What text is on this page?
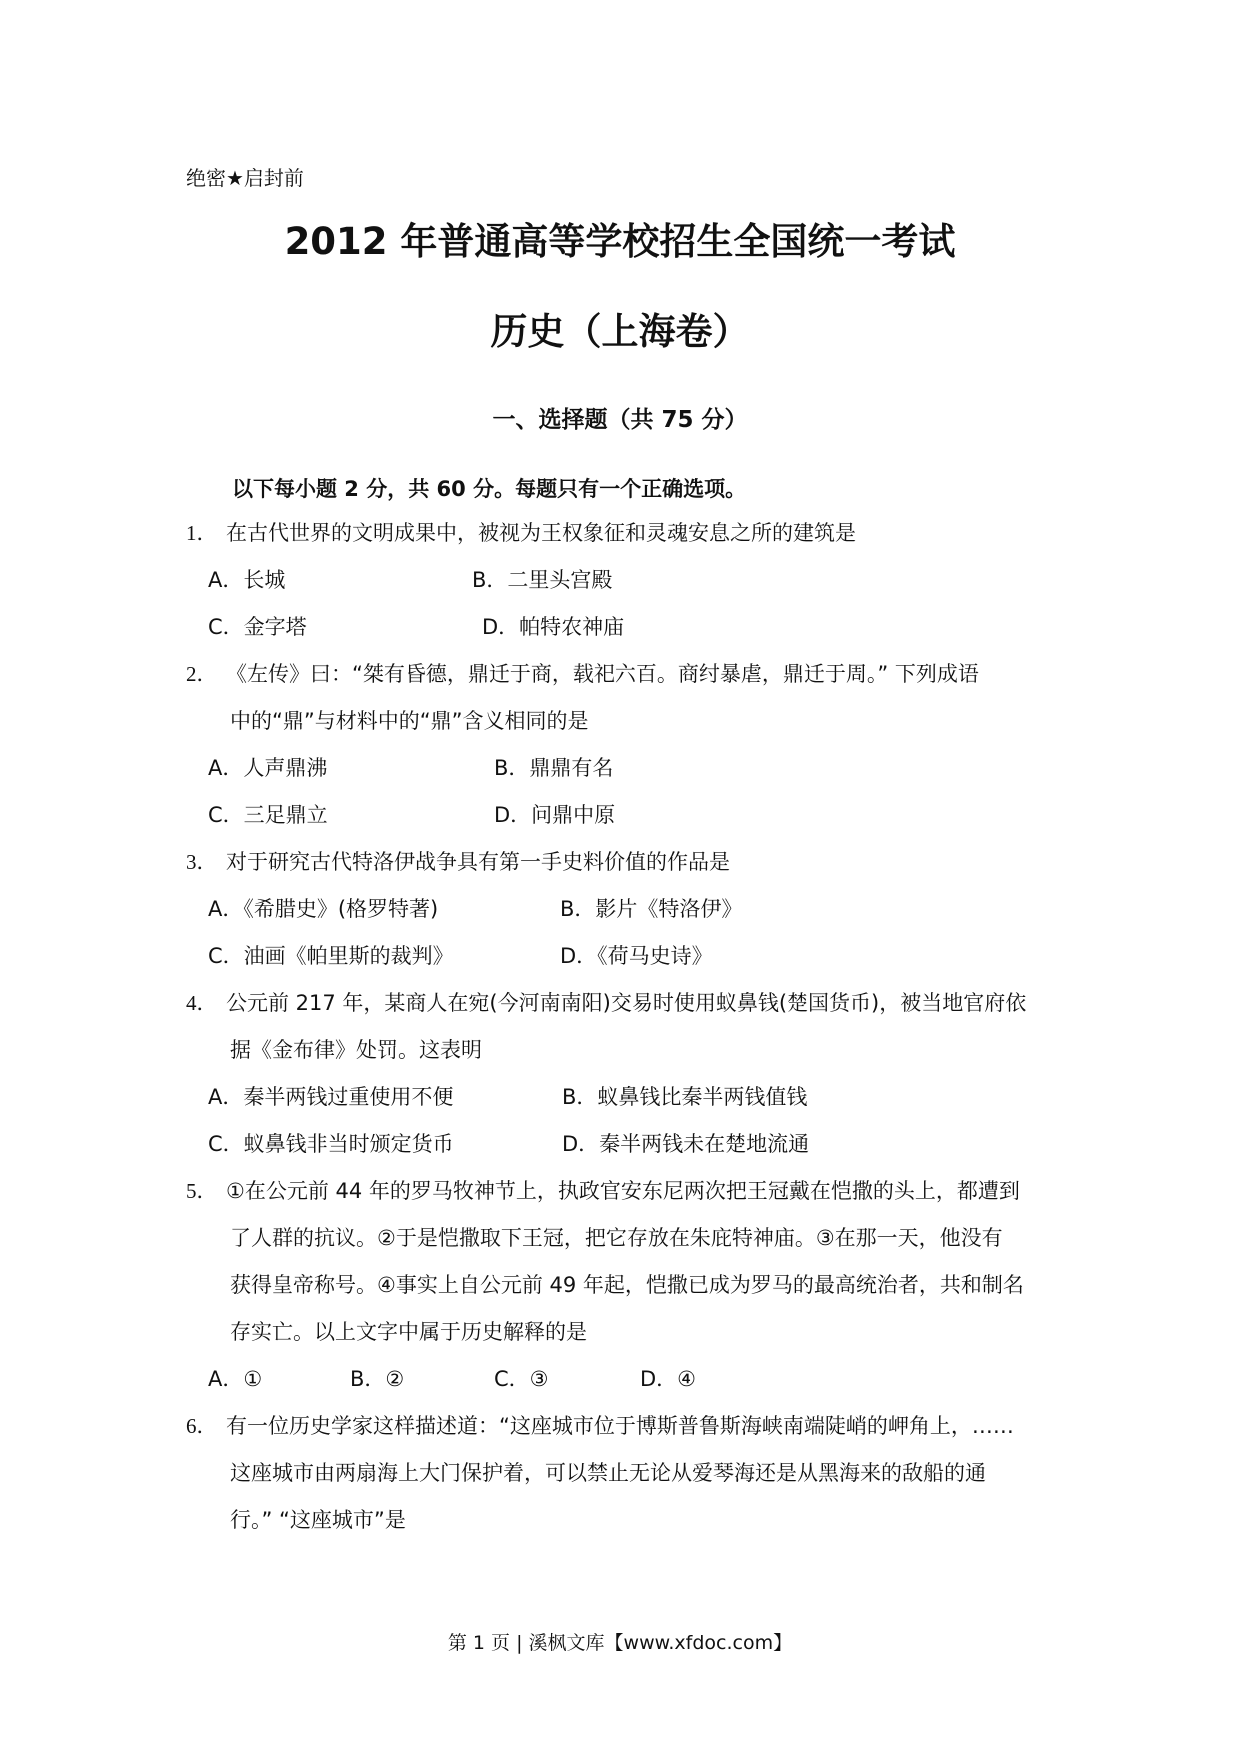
绝密★启封前
2012 年普通高等学校招生全国统一考试
历史（上海卷）
一、选择题（共 75 分）
以下每小题 2 分，共 60 分。每题只有一个正确选项。
1． 在古代世界的文明成果中，被视为王权象征和灵魂安息之所的建筑是
A．长城	B．二里头宫殿
C．金字塔	D．帕特农神庙
2． 《左传》曰：“桀有昏德，鼎迁于商，载祀六百。商纣暴虐，鼎迁于周。” 下列成语
中的“鼎”与材料中的“鼎”含义相同的是
A．人声鼎沸	B．鼎鼎有名
C．三足鼎立	D．问鼎中原
3． 对于研究古代特洛伊战争具有第一手史料价值的作品是
A．《希腊史》(格罗特著)	B．影片《特洛伊》
C．油画《帕里斯的裁判》	D．《荷马史诗》
4． 公元前 217 年，某商人在宛(今河南南阳)交易时使用蚁鼻钱(楚国货币)，被当地官府依
据《金布律》处罚。这表明
A．秦半两钱过重使用不便	B．蚁鼻钱比秦半两钱值钱
C．蚁鼻钱非当时颁定货币	D．秦半两钱未在楚地流通
5． ①在公元前 44 年的罗马牧神节上，执政官安东尼两次把王冠戴在恺撒的头上，都遭到
了人群的抗议。②于是恺撒取下王冠，把它存放在朱庇特神庙。③在那一天，他没有
获得皇帝称号。④事实上自公元前 49 年起，恺撒已成为罗马的最高统治者，共和制名
存实亡。以上文字中属于历史解释的是
A．①	B．②	C．③	D．④
6． 有一位历史学家这样描述道：“这座城市位于博斯普鲁斯海峡南端陡峭的岬角上，……
这座城市由两扇海上大门保护着，可以禁止无论从爱琴海还是从黑海来的敌船的通
行。” “这座城市”是
第 1 页 | 溪枫文库【www.xfdoc.com】
